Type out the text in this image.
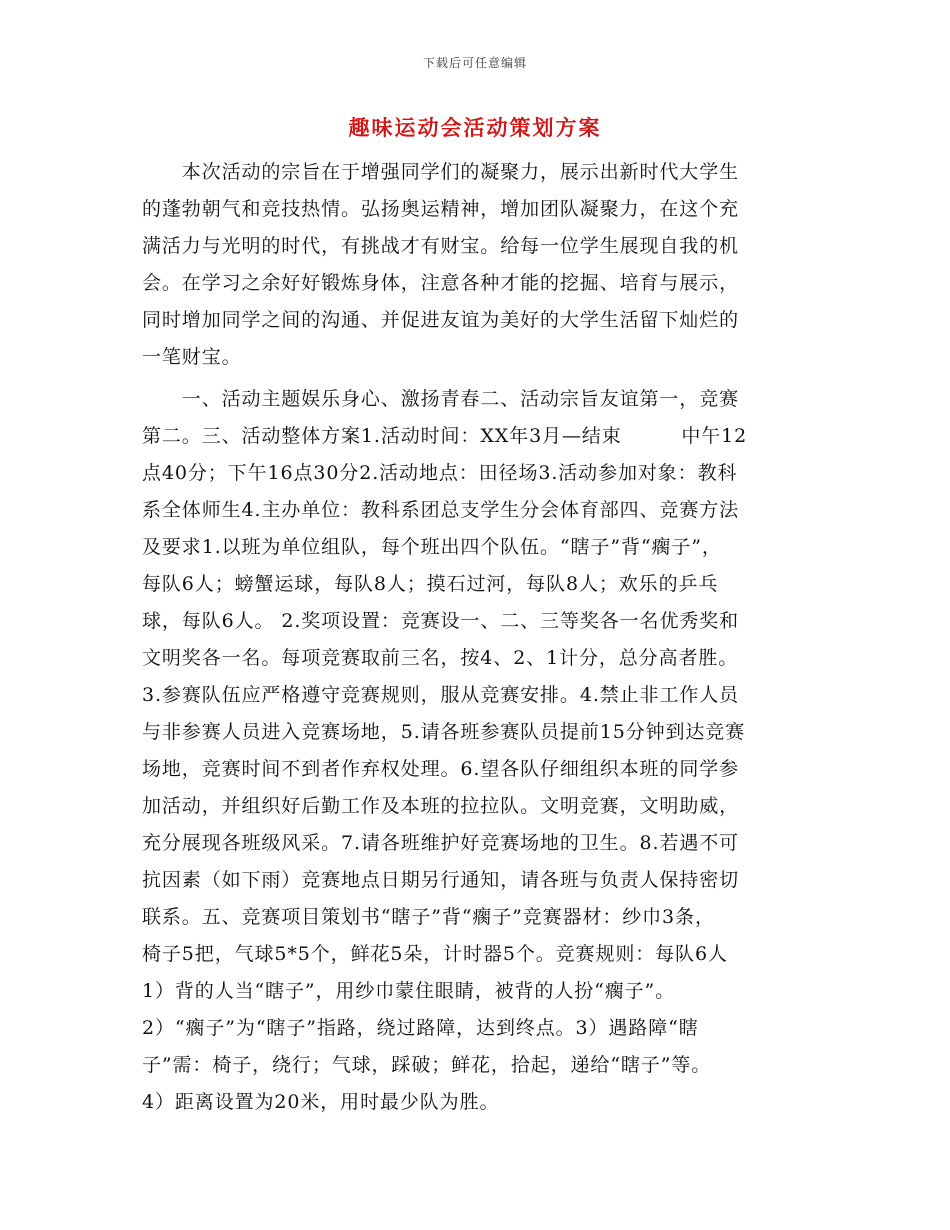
下载后可任意编辑
趣味运动会活动策划方案
　　本次活动的宗旨在于增强同学们的凝聚力，展示出新时代大学生
的蓬勃朝气和竞技热情。弘扬奥运精神，增加团队凝聚力，在这个充
满活力与光明的时代，有挑战才有财宝。给每一位学生展现自我的机
会。在学习之余好好锻炼身体，注意各种才能的挖掘、培育与展示，
同时增加同学之间的沟通、并促进友谊为美好的大学生活留下灿烂的
一笔财宝。
　　一、活动主题娱乐身心、激扬青春二、活动宗旨友谊第一，竞赛
第二。三、活动整体方案1.活动时间：XX年3月—结束　　　中午12
点40分；下午16点30分2.活动地点：田径场3.活动参加对象：教科
系全体师生4.主办单位：教科系团总支学生分会体育部四、竞赛方法
及要求1.以班为单位组队，每个班出四个队伍。“瞎子”背“瘸子”，
每队6人；螃蟹运球，每队8人；摸石过河，每队8人；欢乐的乒乓
球，每队6人。 2.奖项设置：竞赛设一、二、三等奖各一名优秀奖和
文明奖各一名。每项竞赛取前三名，按4、2、1计分，总分高者胜。
3.参赛队伍应严格遵守竞赛规则，服从竞赛安排。4.禁止非工作人员
与非参赛人员进入竞赛场地，5.请各班参赛队员提前15分钟到达竞赛
场地，竞赛时间不到者作弃权处理。6.望各队仔细组织本班的同学参
加活动，并组织好后勤工作及本班的拉拉队。文明竞赛，文明助威，
充分展现各班级风采。7.请各班维护好竞赛场地的卫生。8.若遇不可
抗因素（如下雨）竞赛地点日期另行通知，请各班与负责人保持密切
联系。五、竞赛项目策划书“瞎子”背“瘸子”竞赛器材：纱巾3条，
椅子5把，气球5*5个，鲜花5朵，计时器5个。竞赛规则：每队6人
1）背的人当“瞎子”，用纱巾蒙住眼睛，被背的人扮“瘸子”。
2）“瘸子”为“瞎子”指路，绕过路障，达到终点。3）遇路障“瞎
子”需：椅子，绕行；气球，踩破；鲜花，拾起，递给“瞎子”等。
4）距离设置为20米，用时最少队为胜。
